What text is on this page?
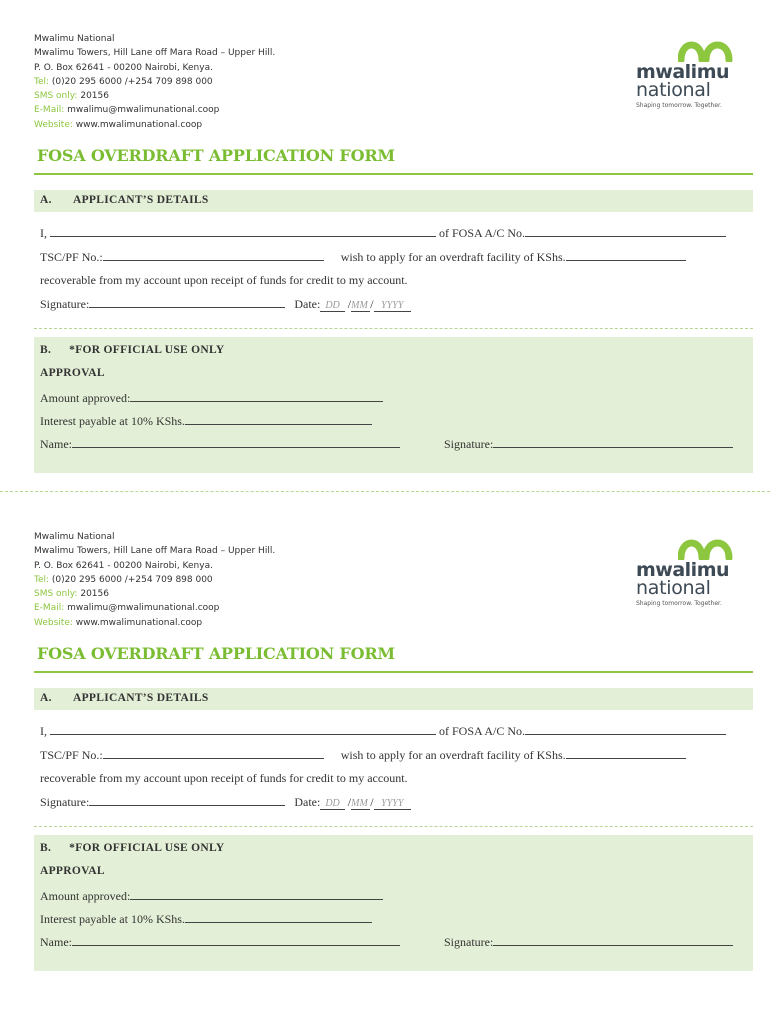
Mwalimu National
Mwalimu Towers, Hill Lane off Mara Road – Upper Hill.
P. O. Box 62641 - 00200 Nairobi, Kenya.
Tel: (0)20 295 6000 /+254 709 898 000
SMS only: 20156
E-Mail: mwalimu@mwalimunational.coop
Website: www.mwalimunational.coop
mwalimu
national
Shaping tomorrow. Together.
FOSA OVERDRAFT APPLICATION FORM
A. APPLICANT’S DETAILS
I,	of FOSA A/C No.
TSC/PF No.:	wish to apply for an overdraft facility of KShs.
recoverable from my account upon receipt of funds for credit to my account.
Signature:	Date: DD /MM / YYYY
B. *FOR OFFICIAL USE ONLY
APPROVAL
Amount approved:
Interest payable at 10% KShs.
Name:	Signature:
Mwalimu National
Mwalimu Towers, Hill Lane off Mara Road – Upper Hill.
P. O. Box 62641 - 00200 Nairobi, Kenya.
Tel: (0)20 295 6000 /+254 709 898 000
SMS only: 20156
E-Mail: mwalimu@mwalimunational.coop
Website: www.mwalimunational.coop
mwalimu
national
Shaping tomorrow. Together.
FOSA OVERDRAFT APPLICATION FORM
A. APPLICANT’S DETAILS
I,	of FOSA A/C No.
TSC/PF No.:	wish to apply for an overdraft facility of KShs.
recoverable from my account upon receipt of funds for credit to my account.
Signature:	Date: DD /MM / YYYY
B. *FOR OFFICIAL USE ONLY
APPROVAL
Amount approved:
Interest payable at 10% KShs.
Name:	Signature:
